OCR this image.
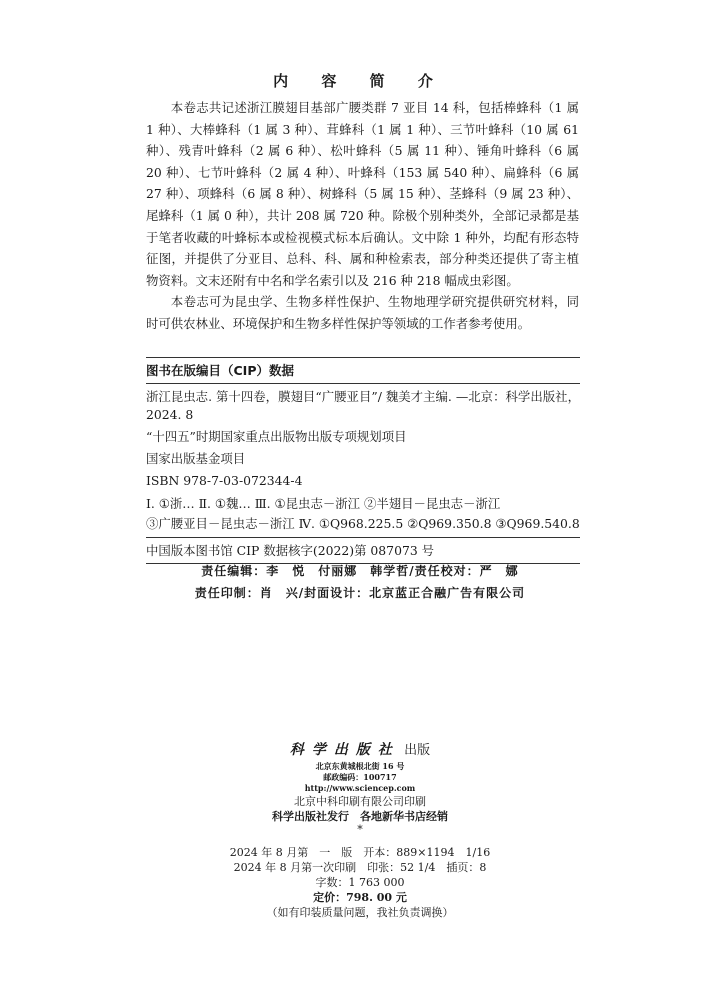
内 容 简 介

本卷志共记述浙江膜翅目基部广腰类群 7 亚目 14 科，包括棒蜂科（1 属 1 种）、大棒蜂科（1 属 3 种）、茸蜂科（1 属 1 种）、三节叶蜂科（10 属 61 种）、残青叶蜂科（2 属 6 种）、松叶蜂科（5 属 11 种）、锤角叶蜂科（6 属 20 种）、七节叶蜂科（2 属 4 种）、叶蜂科（153 属 540 种）、扁蜂科（6 属 27 种）、项蜂科（6 属 8 种）、树蜂科（5 属 15 种）、茎蜂科（9 属 23 种）、尾蜂科（1 属 0 种），共计 208 属 720 种。除极个别种类外，全部记录都是基于笔者收藏的叶蜂标本或检视模式标本后确认。文中除 1 种外，均配有形态特征图，并提供了分亚目、总科、科、属和种检索表，部分种类还提供了寄主植物资料。文末还附有中名和学名索引以及 216 种 218 幅成虫彩图。

本卷志可为昆虫学、生物多样性保护、生物地理学研究提供研究材料，同时可供农林业、环境保护和生物多样性保护等领域的工作者参考使用。

图书在版编目（CIP）数据
浙江昆虫志. 第十四卷，膜翅目“广腰亚目”/ 魏美才主编. —北京：科学出版社，2024. 8
“十四五”时期国家重点出版物出版专项规划项目
国家出版基金项目
ISBN 978-7-03-072344-4
Ⅰ. ①浙… Ⅱ. ①魏… Ⅲ. ①昆虫志－浙江 ②半翅目－昆虫志－浙江
③广腰亚目－昆虫志－浙江 Ⅳ. ①Q968.225.5 ②Q969.350.8 ③Q969.540.8
中国版本图书馆 CIP 数据核字(2022)第 087073 号
责任编辑：李　悦　付丽娜　韩学哲/责任校对：严　娜
责任印制：肖　兴/封面设计：北京蓝正合融广告有限公司
科学出版社 出版
北京东黄城根北街 16 号
邮政编码：100717
http://www.sciencep.com
北京中科印刷有限公司印刷
科学出版社发行　各地新华书店经销
*
2024 年 8 月第　一　版　开本：889×1194　1/16
2024 年 8 月第一次印刷　印张：52 1/4　插页：8
字数：1 763 000
定价：798. 00 元
（如有印装质量问题，我社负责调换）
